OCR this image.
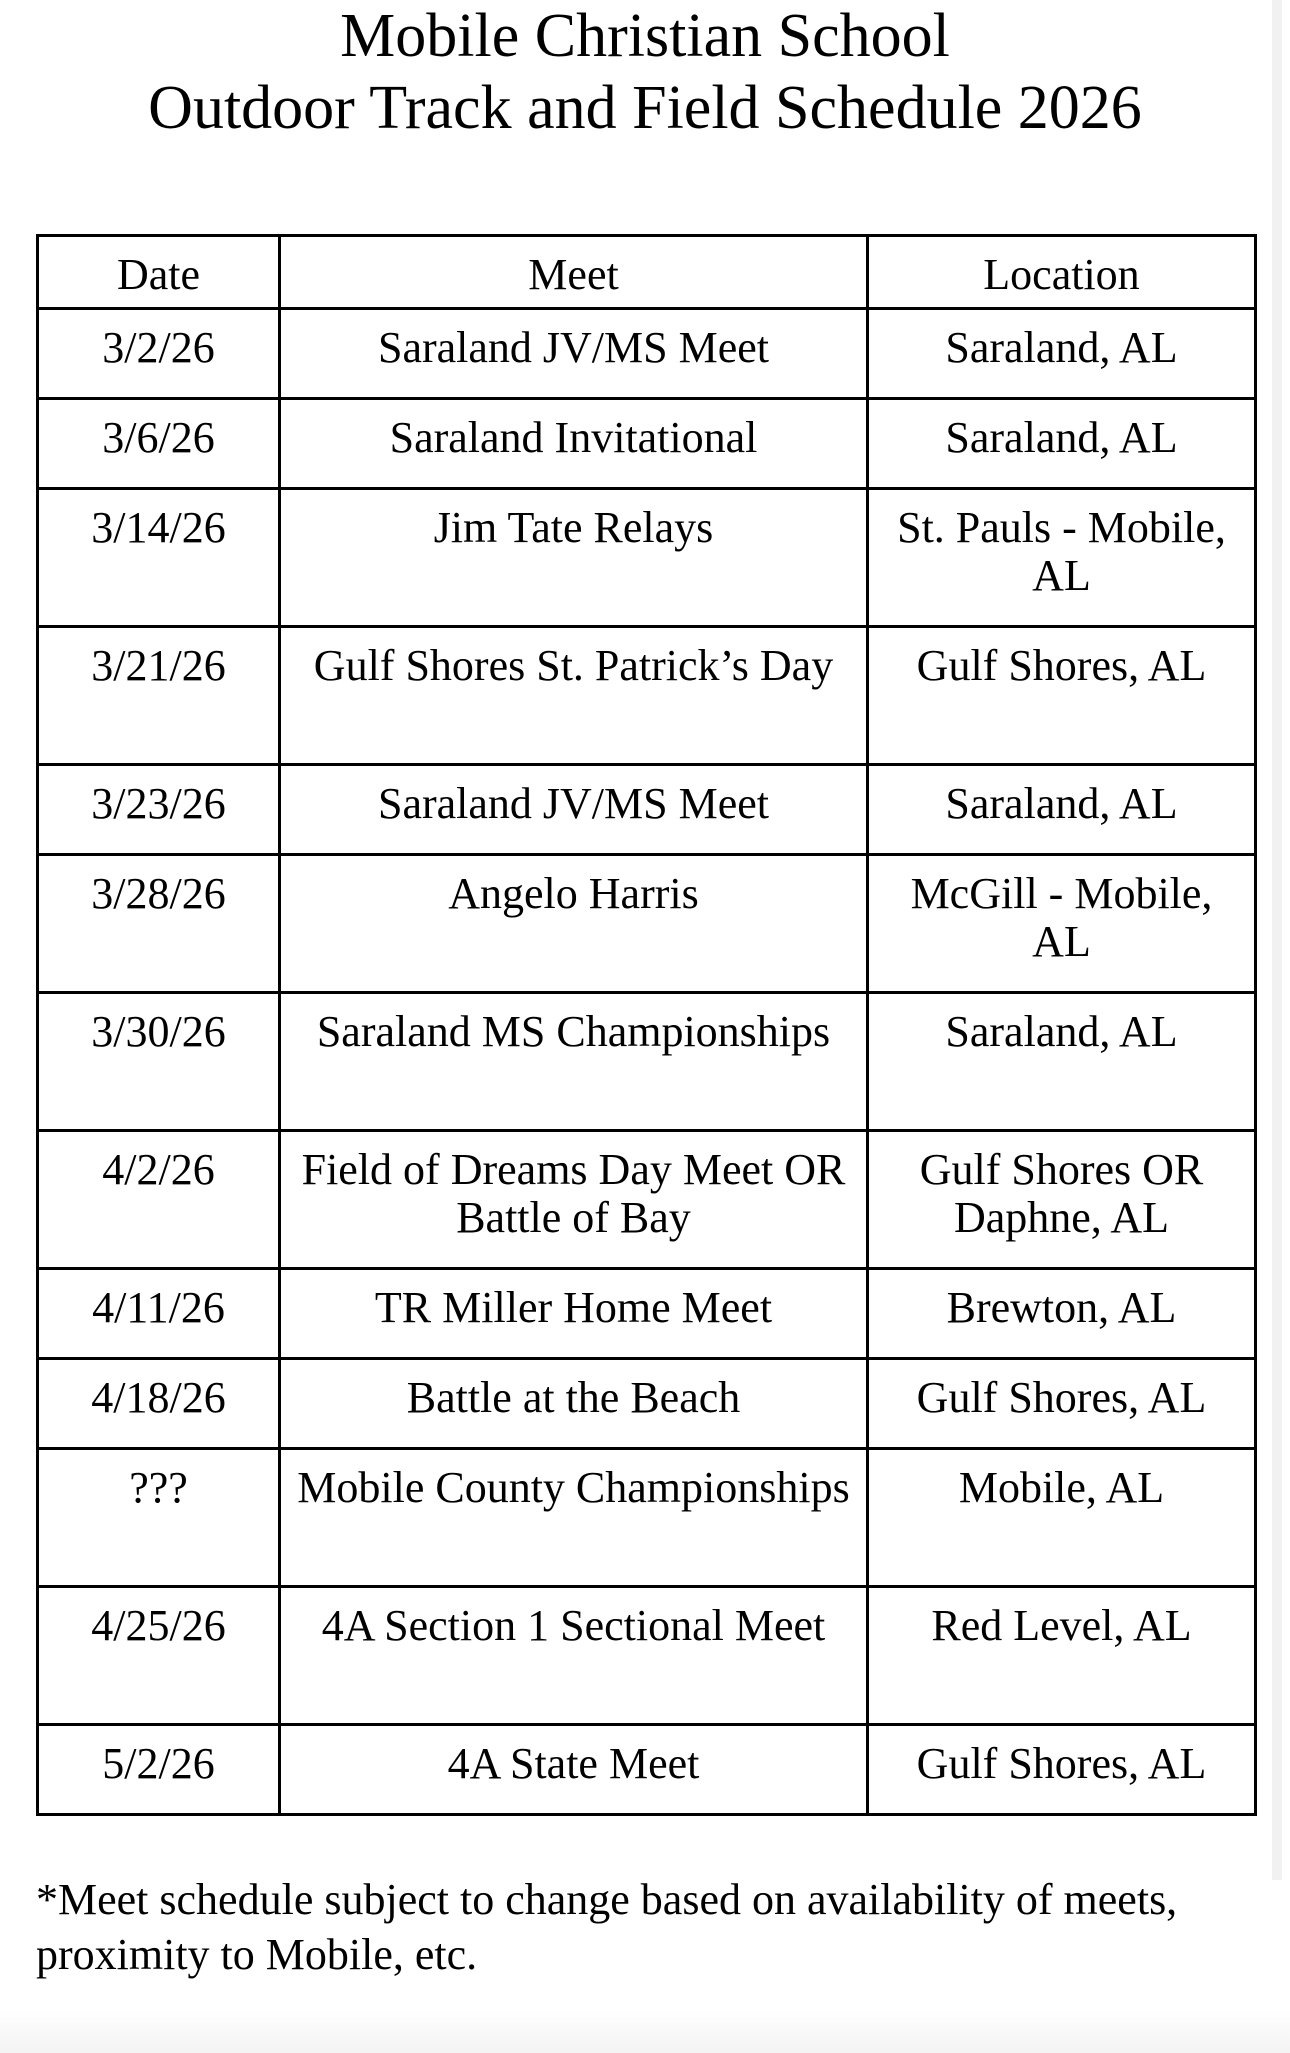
Mobile Christian School
Outdoor Track and Field Schedule 2026
Date	Meet	Location
3/2/26	Saraland JV/MS Meet	Saraland, AL
3/6/26	Saraland Invitational	Saraland, AL
3/14/26	Jim Tate Relays	St. Pauls - Mobile, AL
3/21/26	Gulf Shores St. Patrick’s Day	Gulf Shores, AL
3/23/26	Saraland JV/MS Meet	Saraland, AL
3/28/26	Angelo Harris	McGill - Mobile, AL
3/30/26	Saraland MS Championships	Saraland, AL
4/2/26	Field of Dreams Day Meet OR Battle of Bay	Gulf Shores OR Daphne, AL
4/11/26	TR Miller Home Meet	Brewton, AL
4/18/26	Battle at the Beach	Gulf Shores, AL
???	Mobile County Championships	Mobile, AL
4/25/26	4A Section 1 Sectional Meet	Red Level, AL
5/2/26	4A State Meet	Gulf Shores, AL

*Meet schedule subject to change based on availability of meets, proximity to Mobile, etc.
